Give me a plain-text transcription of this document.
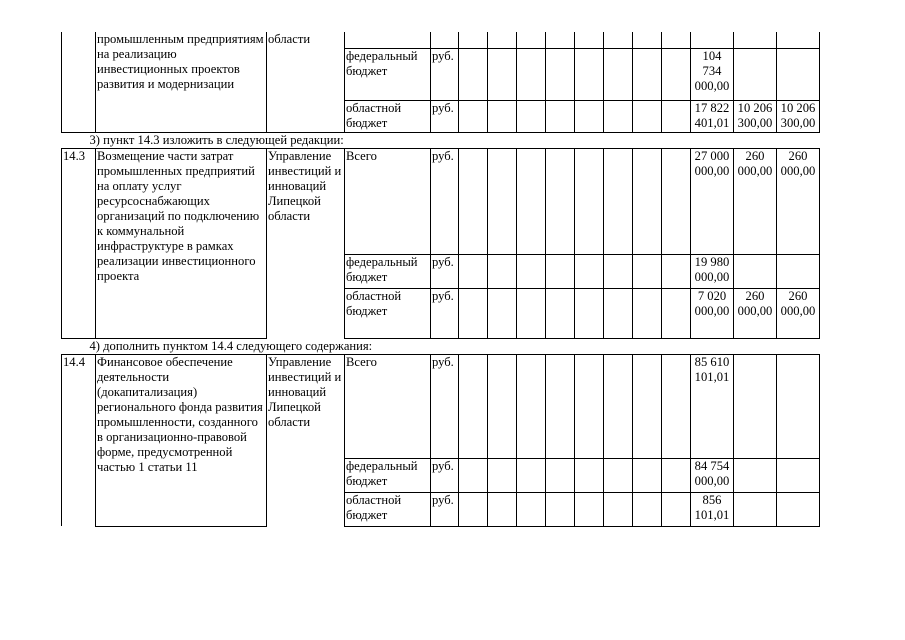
	промышленным предприятиям на реализацию инвестиционных проектов развития и модернизации	области													
			федеральный бюджет	руб.									104 734 000,00		
			областной бюджет	руб.									17 822 401,01	10 206 300,00	10 206 300,00
3) пункт 14.3 изложить в следующей редакции:															
14.3	Возмещение части затрат промышленных предприятий на оплату услуг ресурсоснабжающих организаций по подключению к коммунальной инфраструктуре в рамках реализации инвестиционного проекта	Управление инвестиций и инноваций Липецкой области	Всего	руб.									27 000 000,00	260 000,00	260 000,00
			федеральный бюджет	руб.									19 980 000,00		
			областной бюджет	руб.									7 020 000,00	260 000,00	260 000,00
4) дополнить пунктом 14.4 следующего содержания:															
14.4	Финансовое обеспечение деятельности (докапитализация) регионального фонда развития промышленности, созданного в организационно-правовой форме, предусмотренной частью 1 статьи 11	Управление инвестиций и инноваций Липецкой области	Всего	руб.									85 610 101,01		
			федеральный бюджет	руб.									84 754 000,00		
			областной бюджет	руб.									856 101,01		
